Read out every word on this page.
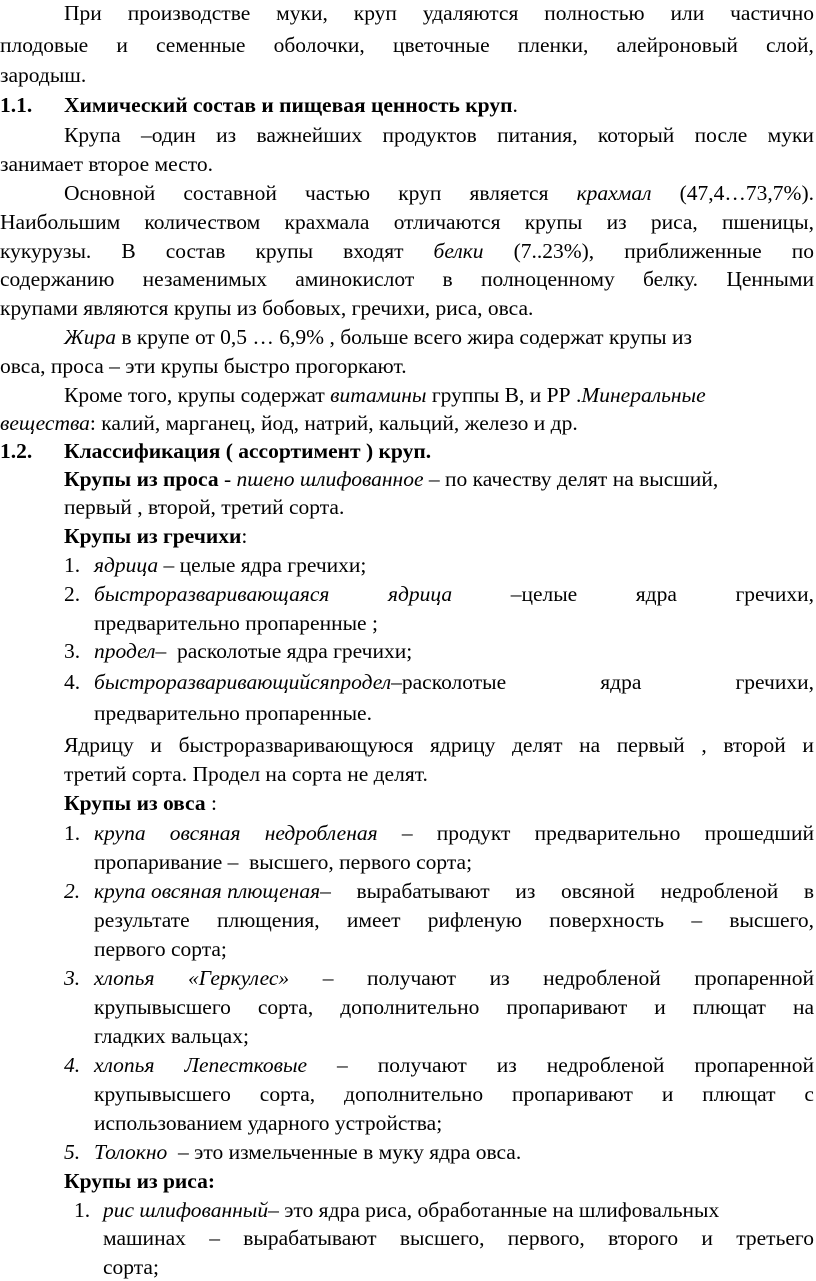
При производстве муки, круп удаляются полностью или частично
плодовые и семенные оболочки, цветочные пленки, алейроновый слой,
зародыш.
1.1. Химический состав и пищевая ценность круп.
Крупа –один из важнейших продуктов питания, который после муки
занимает второе место.
Основной составной частью круп является крахмал (47,4…73,7%).
Наибольшим количеством крахмала отличаются крупы из риса, пшеницы,
кукурузы. В состав крупы входят белки (7..23%), приближенные по
содержанию незаменимых аминокислот в полноценному белку. Ценными
крупами являются крупы из бобовых, гречихи, риса, овса.
Жира в крупе от 0,5 … 6,9% , больше всего жира содержат крупы из
овса, проса – эти крупы быстро прогоркают.
Кроме того, крупы содержат витамины группы В, и РР .Минеральные
вещества: калий, марганец, йод, натрий, кальций, железо и др.
1.2. Классификация ( ассортимент ) круп.
Крупы из проса - пшено шлифованное – по качеству делят на высший,
первый , второй, третий сорта.
Крупы из гречихи:
1. ядрица – целые ядра гречихи;
2. быстроразваривающаяся	ядрица	–целые	ядра	гречихи,
предварительно пропаренные ;
3. продел–  расколотые ядра гречихи;
4. быстроразваривающийсяпродел–расколотые	ядра	гречихи,
предварительно пропаренные.
Ядрицу и быстроразваривающуюся ядрицу делят на первый , второй и
третий сорта. Продел на сорта не делят.
Крупы из овса :
1. крупа овсяная недробленая – продукт предварительно прошедший
пропаривание –  высшего, первого сорта;
2. крупа овсяная плющеная– вырабатывают из овсяной недробленой в
результате плющения, имеет рифленую поверхность – высшего,
первого сорта;
3. хлопья «Геркулес» – получают из недробленой пропаренной
крупывысшего сорта, дополнительно пропаривают и плющат на
гладких вальцах;
4. хлопья Лепестковые – получают из недробленой пропаренной
крупывысшего сорта, дополнительно пропаривают и плющат с
использованием ударного устройства;
5. Толокно  – это измельченные в муку ядра овса.
Крупы из риса:
1. рис шлифованный– это ядра риса, обработанные на шлифовальных
машинах – вырабатывают высшего, первого, второго и третьего
сорта;
